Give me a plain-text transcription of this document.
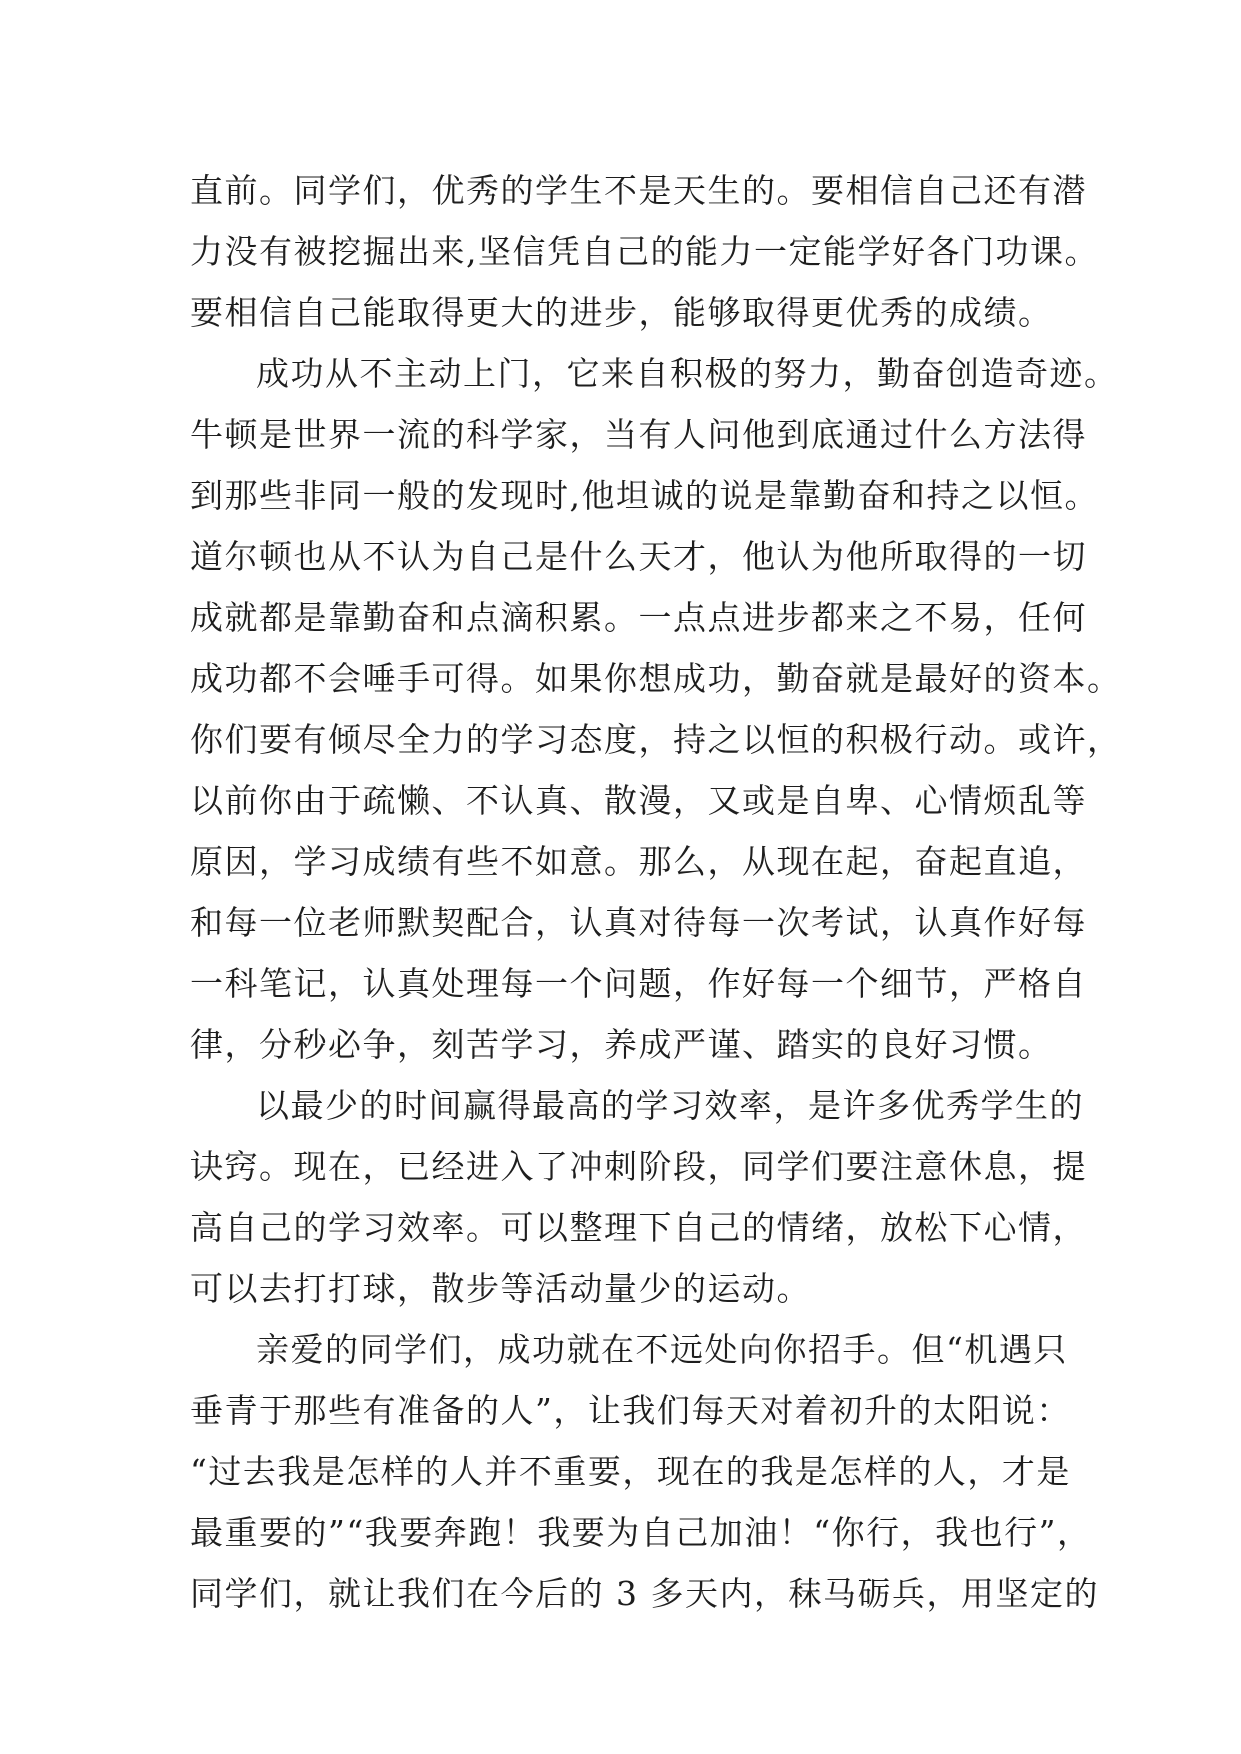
直前。同学们，优秀的学生不是天生的。要相信自己还有潜
力没有被挖掘出来,坚信凭自己的能力一定能学好各门功课。
要相信自己能取得更大的进步，能够取得更优秀的成绩。
成功从不主动上门，它来自积极的努力，勤奋创造奇迹。
牛顿是世界一流的科学家，当有人问他到底通过什么方法得
到那些非同一般的发现时,他坦诚的说是靠勤奋和持之以恒。
道尔顿也从不认为自己是什么天才，他认为他所取得的一切
成就都是靠勤奋和点滴积累。一点点进步都来之不易，任何
成功都不会唾手可得。如果你想成功，勤奋就是最好的资本。
你们要有倾尽全力的学习态度，持之以恒的积极行动。或许，
以前你由于疏懒、不认真、散漫，又或是自卑、心情烦乱等
原因，学习成绩有些不如意。那么，从现在起，奋起直追，
和每一位老师默契配合，认真对待每一次考试，认真作好每
一科笔记，认真处理每一个问题，作好每一个细节，严格自
律，分秒必争，刻苦学习，养成严谨、踏实的良好习惯。
以最少的时间赢得最高的学习效率，是许多优秀学生的
诀窍。现在，已经进入了冲刺阶段，同学们要注意休息，提
高自己的学习效率。可以整理下自己的情绪，放松下心情，
可以去打打球，散步等活动量少的运动。
亲爱的同学们，成功就在不远处向你招手。但“机遇只
垂青于那些有准备的人”，让我们每天对着初升的太阳说：
“过去我是怎样的人并不重要，现在的我是怎样的人，才是
最重要的”“我要奔跑！我要为自己加油！“你行，我也行”，
同学们，就让我们在今后的 3 多天内，秣马砺兵，用坚定的
